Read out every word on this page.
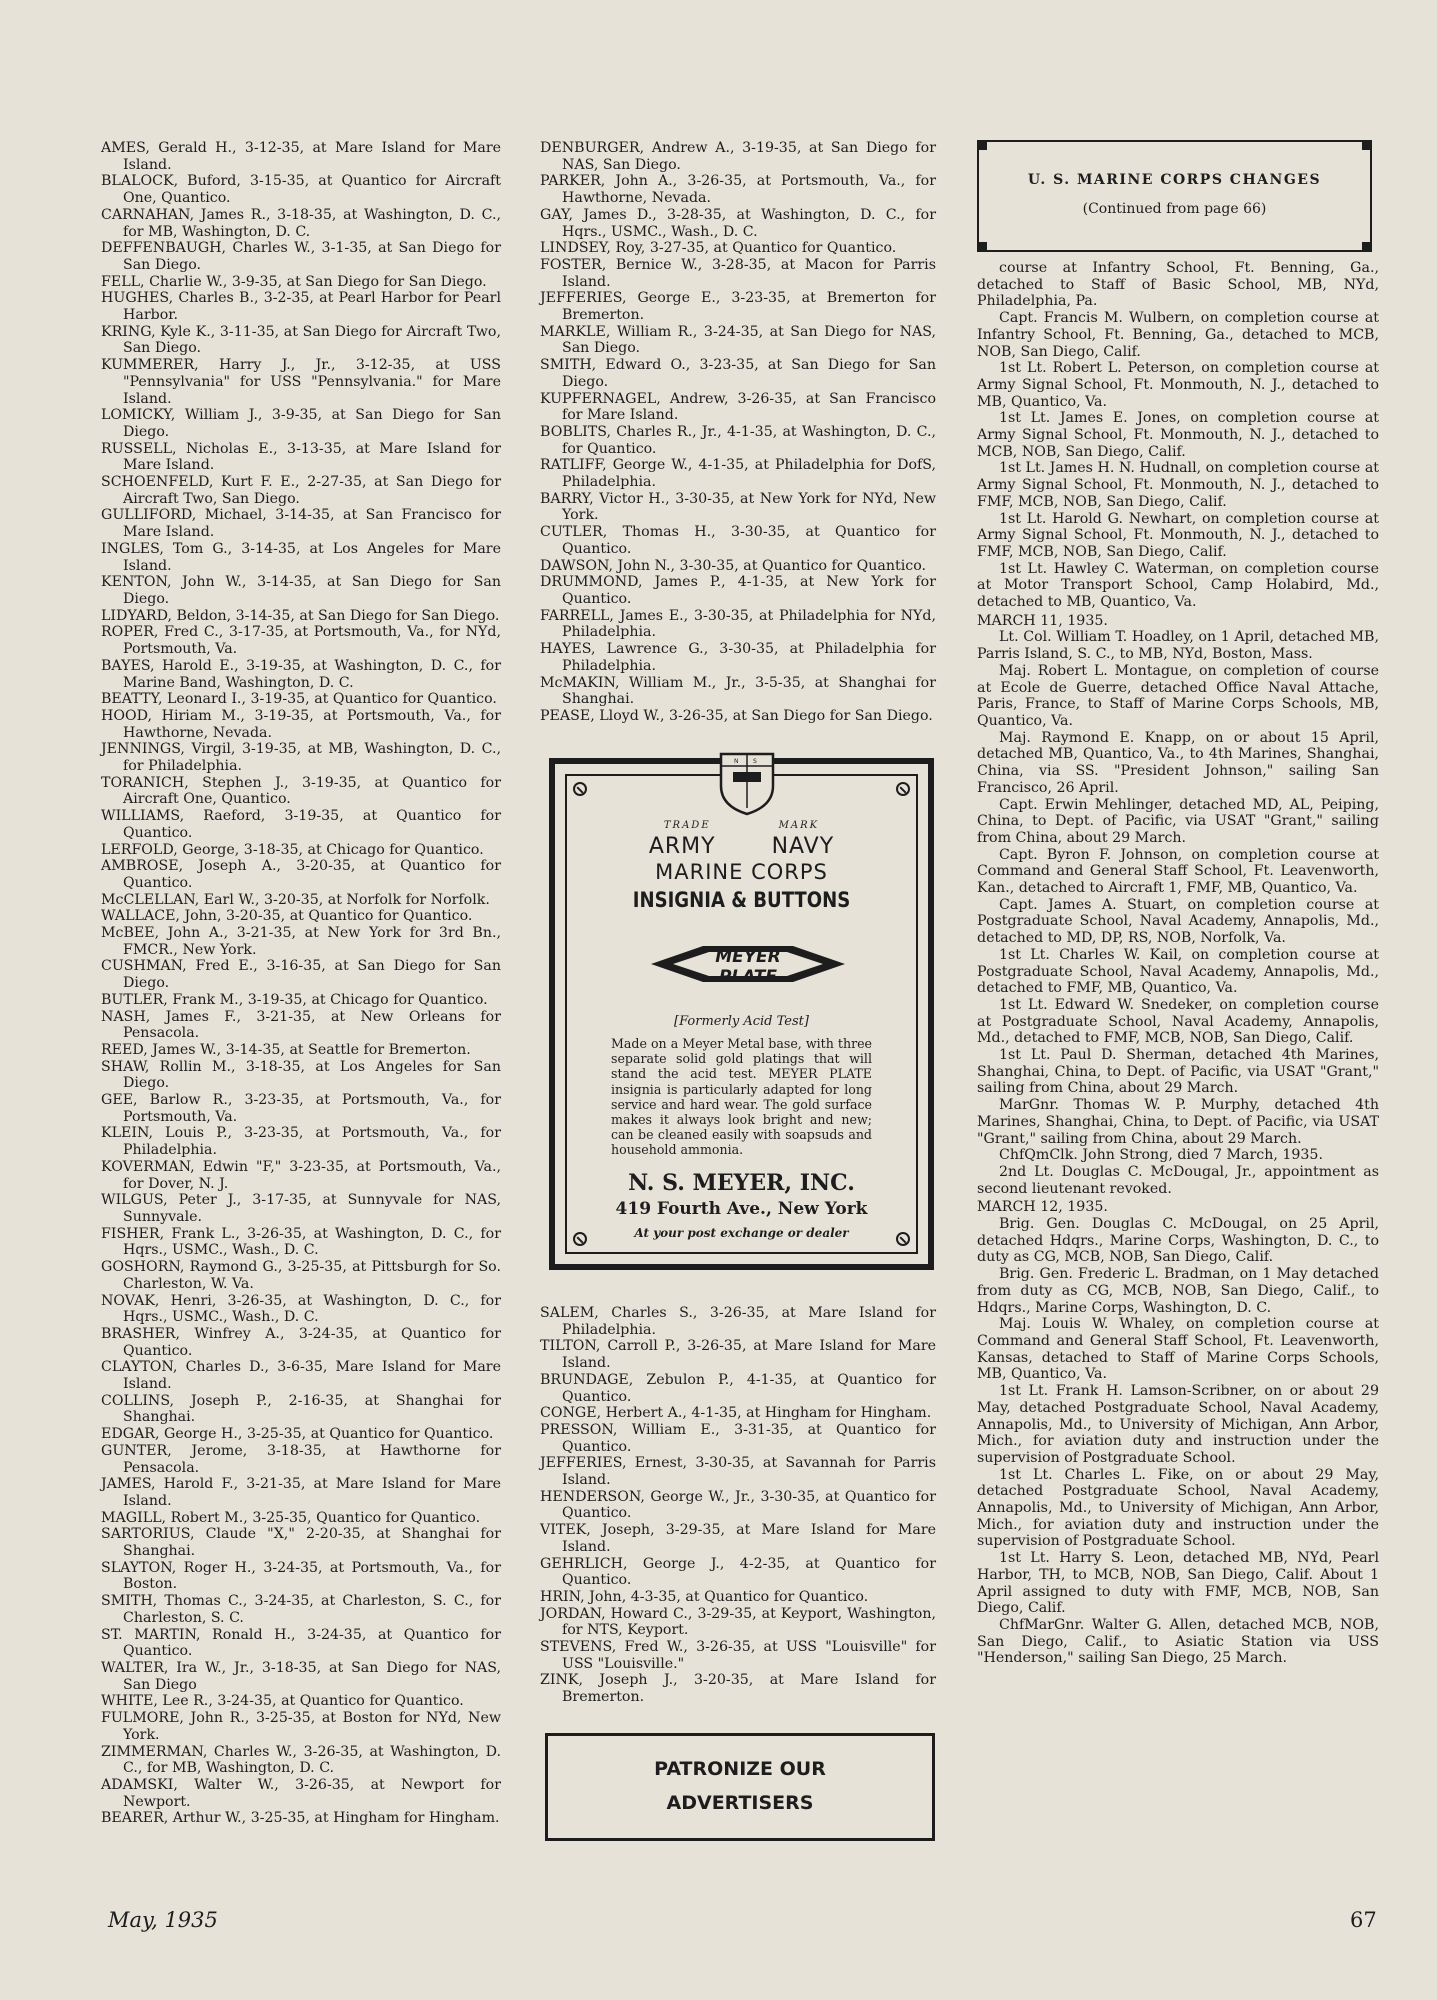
AMES, Gerald H., 3-12-35, at Mare Island for Mare Island.
BLALOCK, Buford, 3-15-35, at Quantico for Aircraft One, Quantico.
CARNAHAN, James R., 3-18-35, at Washington, D. C., for MB, Washington, D. C.
DEFFENBAUGH, Charles W., 3-1-35, at San Diego for San Diego.
FELL, Charlie W., 3-9-35, at San Diego for San Diego.
HUGHES, Charles B., 3-2-35, at Pearl Harbor for Pearl Harbor.
KRING, Kyle K., 3-11-35, at San Diego for Aircraft Two, San Diego.
KUMMERER, Harry J., Jr., 3-12-35, at USS "Pennsylvania" for USS "Pennsylvania." for Mare Island.
LOMICKY, William J., 3-9-35, at San Diego for San Diego.
RUSSELL, Nicholas E., 3-13-35, at Mare Island for Mare Island.
SCHOENFELD, Kurt F. E., 2-27-35, at San Diego for Aircraft Two, San Diego.
GULLIFORD, Michael, 3-14-35, at San Francisco for Mare Island.
INGLES, Tom G., 3-14-35, at Los Angeles for Mare Island.
KENTON, John W., 3-14-35, at San Diego for San Diego.
LIDYARD, Beldon, 3-14-35, at San Diego for San Diego.
ROPER, Fred C., 3-17-35, at Portsmouth, Va., for NYd, Portsmouth, Va.
BAYES, Harold E., 3-19-35, at Washington, D. C., for Marine Band, Washington, D. C.
BEATTY, Leonard I., 3-19-35, at Quantico for Quantico.
HOOD, Hiriam M., 3-19-35, at Portsmouth, Va., for Hawthorne, Nevada.
JENNINGS, Virgil, 3-19-35, at MB, Washington, D. C., for Philadelphia.
TORANICH, Stephen J., 3-19-35, at Quantico for Aircraft One, Quantico.
WILLIAMS, Raeford, 3-19-35, at Quantico for Quantico.
LERFOLD, George, 3-18-35, at Chicago for Quantico.
AMBROSE, Joseph A., 3-20-35, at Quantico for Quantico.
McCLELLAN, Earl W., 3-20-35, at Norfolk for Norfolk.
WALLACE, John, 3-20-35, at Quantico for Quantico.
McBEE, John A., 3-21-35, at New York for 3rd Bn., FMCR., New York.
CUSHMAN, Fred E., 3-16-35, at San Diego for San Diego.
BUTLER, Frank M., 3-19-35, at Chicago for Quantico.
NASH, James F., 3-21-35, at New Orleans for Pensacola.
REED, James W., 3-14-35, at Seattle for Bremerton.
SHAW, Rollin M., 3-18-35, at Los Angeles for San Diego.
GEE, Barlow R., 3-23-35, at Portsmouth, Va., for Portsmouth, Va.
KLEIN, Louis P., 3-23-35, at Portsmouth, Va., for Philadelphia.
KOVERMAN, Edwin "F," 3-23-35, at Portsmouth, Va., for Dover, N. J.
WILGUS, Peter J., 3-17-35, at Sunnyvale for NAS, Sunnyvale.
FISHER, Frank L., 3-26-35, at Washington, D. C., for Hqrs., USMC., Wash., D. C.
GOSHORN, Raymond G., 3-25-35, at Pittsburgh for So. Charleston, W. Va.
NOVAK, Henri, 3-26-35, at Washington, D. C., for Hqrs., USMC., Wash., D. C.
BRASHER, Winfrey A., 3-24-35, at Quantico for Quantico.
CLAYTON, Charles D., 3-6-35, Mare Island for Mare Island.
COLLINS, Joseph P., 2-16-35, at Shanghai for Shanghai.
EDGAR, George H., 3-25-35, at Quantico for Quantico.
GUNTER, Jerome, 3-18-35, at Hawthorne for Pensacola.
JAMES, Harold F., 3-21-35, at Mare Island for Mare Island.
MAGILL, Robert M., 3-25-35, Quantico for Quantico.
SARTORIUS, Claude "X," 2-20-35, at Shanghai for Shanghai.
SLAYTON, Roger H., 3-24-35, at Portsmouth, Va., for Boston.
SMITH, Thomas C., 3-24-35, at Charleston, S. C., for Charleston, S. C.
ST. MARTIN, Ronald H., 3-24-35, at Quantico for Quantico.
WALTER, Ira W., Jr., 3-18-35, at San Diego for NAS, San Diego
WHITE, Lee R., 3-24-35, at Quantico for Quantico.
FULMORE, John R., 3-25-35, at Boston for NYd, New York.
ZIMMERMAN, Charles W., 3-26-35, at Washington, D. C., for MB, Washington, D. C.
ADAMSKI, Walter W., 3-26-35, at Newport for Newport.
BEARER, Arthur W., 3-25-35, at Hingham for Hingham.
DENBURGER, Andrew A., 3-19-35, at San Diego for NAS, San Diego.
PARKER, John A., 3-26-35, at Portsmouth, Va., for Hawthorne, Nevada.
GAY, James D., 3-28-35, at Washington, D. C., for Hqrs., USMC., Wash., D. C.
LINDSEY, Roy, 3-27-35, at Quantico for Quantico.
FOSTER, Bernice W., 3-28-35, at Macon for Parris Island.
JEFFERIES, George E., 3-23-35, at Bremerton for Bremerton.
MARKLE, William R., 3-24-35, at San Diego for NAS, San Diego.
SMITH, Edward O., 3-23-35, at San Diego for San Diego.
KUPFERNAGEL, Andrew, 3-26-35, at San Francisco for Mare Island.
BOBLITS, Charles R., Jr., 4-1-35, at Washington, D. C., for Quantico.
RATLIFF, George W., 4-1-35, at Philadelphia for DofS, Philadelphia.
BARRY, Victor H., 3-30-35, at New York for NYd, New York.
CUTLER, Thomas H., 3-30-35, at Quantico for Quantico.
DAWSON, John N., 3-30-35, at Quantico for Quantico.
DRUMMOND, James P., 4-1-35, at New York for Quantico.
FARRELL, James E., 3-30-35, at Philadelphia for NYd, Philadelphia.
HAYES, Lawrence G., 3-30-35, at Philadelphia for Philadelphia.
McMAKIN, William M., Jr., 3-5-35, at Shanghai for Shanghai.
PEASE, Lloyd W., 3-26-35, at San Diego for San Diego.
SALEM, Charles S., 3-26-35, at Mare Island for Philadelphia.
TILTON, Carroll P., 3-26-35, at Mare Island for Mare Island.
BRUNDAGE, Zebulon P., 4-1-35, at Quantico for Quantico.
CONGE, Herbert A., 4-1-35, at Hingham for Hingham.
PRESSON, William E., 3-31-35, at Quantico for Quantico.
JEFFERIES, Ernest, 3-30-35, at Savannah for Parris Island.
HENDERSON, George W., Jr., 3-30-35, at Quantico for Quantico.
VITEK, Joseph, 3-29-35, at Mare Island for Mare Island.
GEHRLICH, George J., 4-2-35, at Quantico for Quantico.
HRIN, John, 4-3-35, at Quantico for Quantico.
JORDAN, Howard C., 3-29-35, at Keyport, Washington, for NTS, Keyport.
STEVENS, Fred W., 3-26-35, at USS "Louisville" for USS "Louisville."
ZINK, Joseph J., 3-20-35, at Mare Island for Bremerton.
U. S. MARINE CORPS CHANGES
(Continued from page 66)
course at Infantry School, Ft. Benning, Ga., detached to Staff of Basic School, MB, NYd, Philadelphia, Pa.
Capt. Francis M. Wulbern, on completion course at Infantry School, Ft. Benning, Ga., detached to MCB, NOB, San Diego, Calif.
1st Lt. Robert L. Peterson, on completion course at Army Signal School, Ft. Monmouth, N. J., detached to MB, Quantico, Va.
1st Lt. James E. Jones, on completion course at Army Signal School, Ft. Monmouth, N. J., detached to MCB, NOB, San Diego, Calif.
1st Lt. James H. N. Hudnall, on completion course at Army Signal School, Ft. Monmouth, N. J., detached to FMF, MCB, NOB, San Diego, Calif.
1st Lt. Harold G. Newhart, on completion course at Army Signal School, Ft. Monmouth, N. J., detached to FMF, MCB, NOB, San Diego, Calif.
1st Lt. Hawley C. Waterman, on completion course at Motor Transport School, Camp Holabird, Md., detached to MB, Quantico, Va.
MARCH 11, 1935.
Lt. Col. William T. Hoadley, on 1 April, detached MB, Parris Island, S. C., to MB, NYd, Boston, Mass.
Maj. Robert L. Montague, on completion of course at Ecole de Guerre, detached Office Naval Attache, Paris, France, to Staff of Marine Corps Schools, MB, Quantico, Va.
Maj. Raymond E. Knapp, on or about 15 April, detached MB, Quantico, Va., to 4th Marines, Shanghai, China, via SS. "President Johnson," sailing San Francisco, 26 April.
Capt. Erwin Mehlinger, detached MD, AL, Peiping, China, to Dept. of Pacific, via USAT "Grant," sailing from China, about 29 March.
Capt. Byron F. Johnson, on completion course at Command and General Staff School, Ft. Leavenworth, Kan., detached to Aircraft 1, FMF, MB, Quantico, Va.
Capt. James A. Stuart, on completion course at Postgraduate School, Naval Academy, Annapolis, Md., detached to MD, DP, RS, NOB, Norfolk, Va.
1st Lt. Charles W. Kail, on completion course at Postgraduate School, Naval Academy, Annapolis, Md., detached to FMF, MB, Quantico, Va.
1st Lt. Edward W. Snedeker, on completion course at Postgraduate School, Naval Academy, Annapolis, Md., detached to FMF, MCB, NOB, San Diego, Calif.
1st Lt. Paul D. Sherman, detached 4th Marines, Shanghai, China, to Dept. of Pacific, via USAT "Grant," sailing from China, about 29 March.
MarGnr. Thomas W. P. Murphy, detached 4th Marines, Shanghai, China, to Dept. of Pacific, via USAT "Grant," sailing from China, about 29 March.
ChfQmClk. John Strong, died 7 March, 1935.
2nd Lt. Douglas C. McDougal, Jr., appointment as second lieutenant revoked.
MARCH 12, 1935.
Brig. Gen. Douglas C. McDougal, on 25 April, detached Hdqrs., Marine Corps, Washington, D. C., to duty as CG, MCB, NOB, San Diego, Calif.
Brig. Gen. Frederic L. Bradman, on 1 May detached from duty as CG, MCB, NOB, San Diego, Calif., to Hdqrs., Marine Corps, Washington, D. C.
Maj. Louis W. Whaley, on completion course at Command and General Staff School, Ft. Leavenworth, Kansas, detached to Staff of Marine Corps Schools, MB, Quantico, Va.
1st Lt. Frank H. Lamson-Scribner, on or about 29 May, detached Postgraduate School, Naval Academy, Annapolis, Md., to University of Michigan, Ann Arbor, Mich., for aviation duty and instruction under the supervision of Postgraduate School.
1st Lt. Charles L. Fike, on or about 29 May, detached Postgraduate School, Naval Academy, Annapolis, Md., to University of Michigan, Ann Arbor, Mich., for aviation duty and instruction under the supervision of Postgraduate School.
1st Lt. Harry S. Leon, detached MB, NYd, Pearl Harbor, TH, to MCB, NOB, San Diego, Calif. About 1 April assigned to duty with FMF, MCB, NOB, San Diego, Calif.
ChfMarGnr. Walter G. Allen, detached MCB, NOB, San Diego, Calif., to Asiatic Station via USS "Henderson," sailing San Diego, 25 March.
N S
TRADE	MARK
ARMY	NAVY
MARINE CORPS
INSIGNIA & BUTTONS
MEYER
PLATE
[Formerly Acid Test]
Made on a Meyer Metal base, with three separate solid gold platings that will stand the acid test. MEYER PLATE insignia is particularly adapted for long service and hard wear. The gold surface makes it always look bright and new; can be cleaned easily with soapsuds and household ammonia.
N. S. MEYER, INC.
419 Fourth Ave., New York
At your post exchange or dealer
PATRONIZE OUR
ADVERTISERS
May, 1935	67
